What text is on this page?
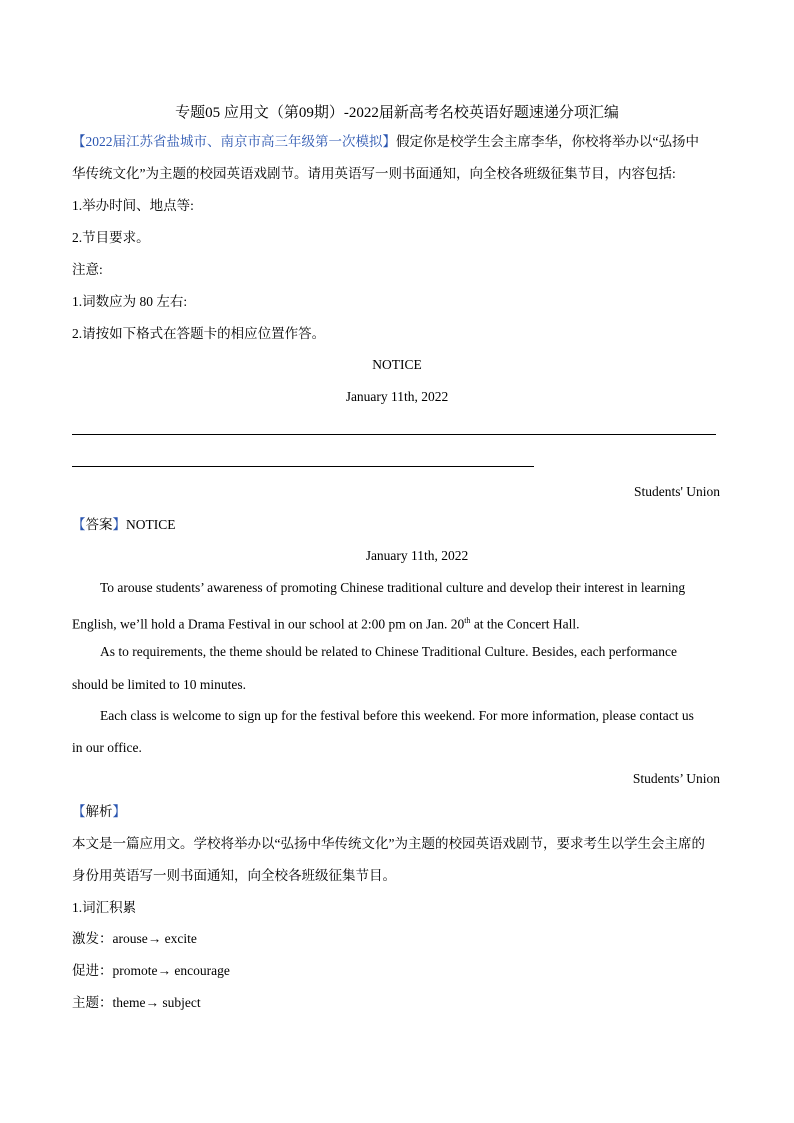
专题05 应用文（第09期）-2022届新高考名校英语好题速递分项汇编
【2022届江苏省盐城市、南京市高三年级第一次模拟】假定你是校学生会主席李华，你校将举办以“弘扬中
华传统文化”为主题的校园英语戏剧节。请用英语写一则书面通知，向全校各班级征集节目，内容包括:
1.举办时间、地点等:
2.节目要求。
注意:
1.词数应为 80 左右:
2.请按如下格式在答题卡的相应位置作答。
NOTICE
January 11th, 2022
Students' Union
【答案】NOTICE
January 11th, 2022
To arouse students’ awareness of promoting Chinese traditional culture and develop their interest in learning
English, we’ll hold a Drama Festival in our school at 2:00 pm on Jan. 20th at the Concert Hall.
As to requirements, the theme should be related to Chinese Traditional Culture. Besides, each performance
should be limited to 10 minutes.
Each class is welcome to sign up for the festival before this weekend. For more information, please contact us
in our office.
Students’ Union
【解析】
本文是一篇应用文。学校将举办以“弘扬中华传统文化”为主题的校园英语戏剧节，要求考生以学生会主席的
身份用英语写一则书面通知，向全校各班级征集节目。
1.词汇积累
激发：arouse→ excite
促进：promote→ encourage
主题：theme→ subject
